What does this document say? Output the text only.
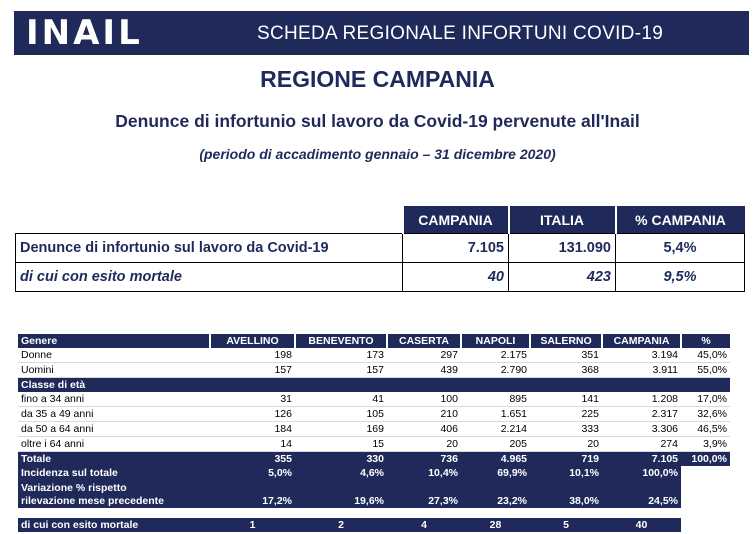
INAIL	SCHEDA REGIONALE INFORTUNI COVID-19
REGIONE CAMPANIA
Denunce di infortunio sul lavoro da Covid-19 pervenute all'Inail
(periodo di accadimento gennaio – 31 dicembre 2020)
	CAMPANIA	ITALIA	% CAMPANIA
Denunce di infortunio sul lavoro da Covid-19	7.105	131.090	5,4%
di cui con esito mortale	40	423	9,5%
Genere	AVELLINO	BENEVENTO	CASERTA	NAPOLI	SALERNO	CAMPANIA	%
Donne	198	173	297	2.175	351	3.194	45,0%
Uomini	157	157	439	2.790	368	3.911	55,0%
Classe di età							
fino a 34 anni	31	41	100	895	141	1.208	17,0%
da 35 a 49 anni	126	105	210	1.651	225	2.317	32,6%
da 50 a 64 anni	184	169	406	2.214	333	3.306	46,5%
oltre i 64 anni	14	15	20	205	20	274	3,9%
Totale	355	330	736	4.965	719	7.105	100,0%
Incidenza sul totale	5,0%	4,6%	10,4%	69,9%	10,1%	100,0%	
Variazione % rispetto
rilevazione mese precedente	17,2%	19,6%	27,3%	23,2%	38,0%	24,5%	

di cui con esito mortale	1	2	4	28	5	40	
